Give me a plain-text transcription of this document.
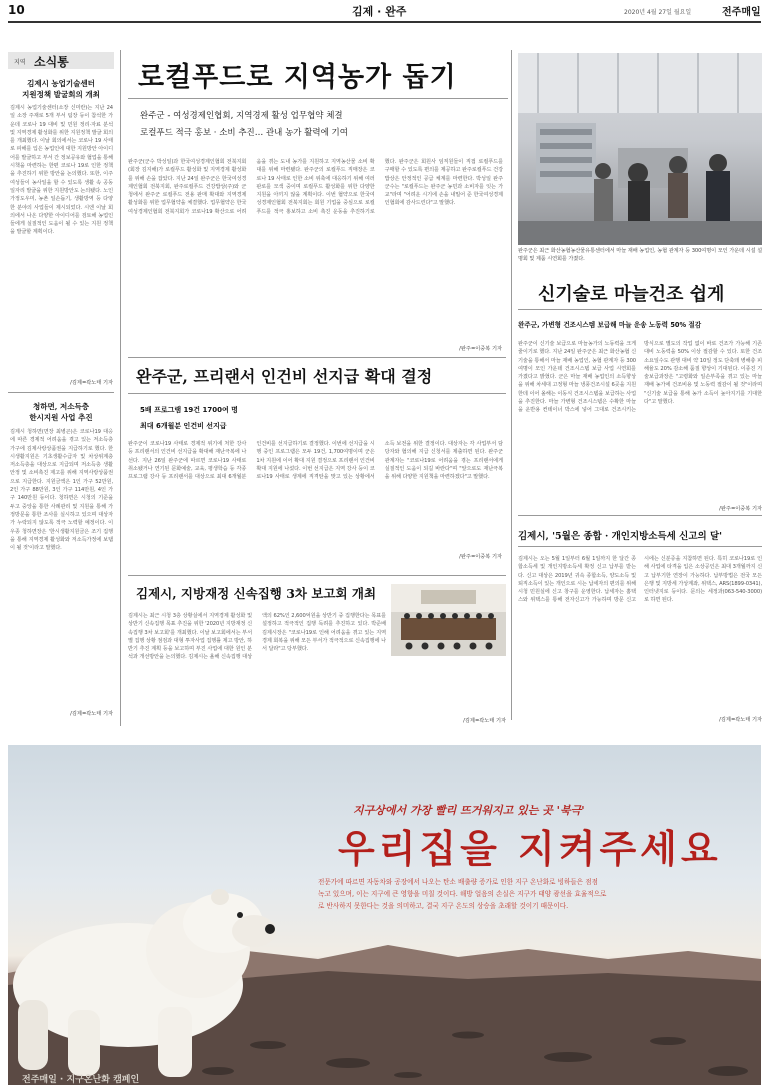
10	김제 · 완주	2020년 4월 27일 월요일	전주매일
지역 소식통
김제시 농업기술센터
지원정책 발굴회의 개최
김제시 농업기술센터(소장 신미란)는 지난 24일 소장 주재로 5개 부서 팀장 등이 참석한 가운데 코로나 19 대비 및 민원 정리·자료 분석 및 지역경제 활성화를 위한 지원정책 발굴 회의를 개최했다. 이날 회의에서는 코로나 19 사태로 피해를 입은 농업인에 대한 지원방안 아이디어를 발굴하고 부서 간 정보공유와 협업을 통해 시책을 마련하는 한편 코로나 19로 인한 정책을 추진하기 위한 방안을 논의했다. 또한, 이주 여성들이 농사일을 할 수 있도록 생활 속 공동 일자리 발굴을 위한 지원방안도 논의됐다. 노인 가정도우미, 농촌 일손돕기, 생활방역 등 다양한 분야의 사업들이 제시되었다. 시엔 이날 회의에서 나온 다양한 아이디어를 검토해 농업인들에게 실질적인 도움이 될 수 있는 지원 정책을 발굴할 계획이다.
/김제=곽노태 기자
청하면, 저소득층
한시지원 사업 추진
김제시 청하면(면장 최병곤)은 코로나19 대응에 따른 경제적 어려움을 겪고 있는 저소득층 가구에 김제사랑상품권을 지급하기로 했다. 한시생활지원은 기초생활수급자 및 차상위계층 저소득층을 대상으로 지급되며 저소득층 생활안정 및 소비촉진 제고를 위해 지역사랑상품권으로 지급한다. 지원금액은 1인 가구 52만원, 2인 가구 88만원, 3인 가구 114만원, 4인 가구 140만원 등이다. 청하면은 시청의 기준을 두고 중앙을 통한 사례관리 및 지원을 통해 가정방문을 통한 조사를 실시하고 있으며 대상자가 누락되지 않도록 적극 노력할 예정이다. 이우종 청하면장은 '한시생활지원금은 조기 집행을 통해 지역경제 활성화와 저소득가정에 보탬이 될 것'이라고 말했다.
/김제=곽노태 기자
로컬푸드로 지역농가 돕기
완주군 - 여성경제인협회, 지역경제 활성 업무협약 체결
로컬푸드 적극 홍보 · 소비 추진… 관내 농가 활력에 기여
완주군(군수 박성일)과 한국여성경제인협회 전북지회(회장 김지해)가 로컬푸드 활성화 및 지역경제 활성화를 위해 손을 잡았다. 지난 24일 완주군은 한국여성경제인협회 전북지회, 완주로컬푸드 건강밥상(주)와 군청에서 완주군 로컬푸드 전용 판매 확대와 지역경제 활성화를 위한 업무협약을 체결했다. 업무협약은 한국여성경제인협회 전북지회가 코로나19 확산으로 어려움을 겪는 도내 농가를 지원하고 지역농산물 소비 확대를 위해 마련됐다. 완주군의 로컬푸드 직매장은 코로나 19 사태로 인한 소비 위축에 대응하기 위해 여러 판로를 모색 중이며 로컬푸드 활성화를 위한 다양한 지원을 아끼지 않을 계획이다. 이번 협약으로 한국여성경제인협회 전북지회는 회원 기업을 중심으로 로컬푸드를 적극 홍보하고 소비 촉진 운동을 추진하기로 했다. 완주군은 회원사 임직원들이 직접 로컬푸드를 구매할 수 있도록 편의를 제공하고 완주로컬푸드 건강밥상은 안정적인 공급 체계를 마련한다. 박성일 완주군수는 "로컬푸드는 완주군 농민과 소비자를 잇는 가교"라며 "어려운 시기에 손을 내밀어 준 한국여성경제인협회에 감사드린다"고 말했다.
/완주=이중복 기자
완주군은 최근 화산농협농산물유통센터에서 마늘 재배 농업인, 농협 관계자 등 300여명이 모인 가운데 시설 설명회 및 제품 시연회를 가졌다.
신기술로 마늘건조 쉽게
완주군, 가변형 건조시스템 보급해 마늘 운송 노동력 50% 절감
완주군이 신기술 보급으로 마늘농가의 노동력을 크게 줄이기로 했다. 지난 24일 완주군은 최근 화산농협 신기술을 통해서 마늘 재배 농업인, 농협 관계자 등 300여명이 모인 가운데 건조시스템 보급 사업 시연회를 가졌다고 밝혔다. 군은 마늘 재배 농업인의 소득향상을 위해 차세대 고정형 마늘 냉풍건조시설 6곳을 지원한데 이어 올해는 이동식 건조시스템을 보급하는 사업을 추진한다. 마늘 가변형 건조시스템은 수확한 마늘을 운반용 컨테이너 박스에 넣어 그대로 건조시키는 방식으로 별도의 작업 없이 바로 건조가 가능해 기존 대비 노동력을 50% 이상 절감할 수 있다. 또한 건조 소요일수도 관행 대비 약 10일 정도 단축돼 병해충 피해율도 20% 감소해 품질 향상이 기대된다. 이종진 기술보급과장은 "고령화와 일손부족을 겪고 있는 마늘 재배 농가에 건조비용 및 노동력 절감이 될 것"이라며 "신기술 보급을 통해 농가 소득이 높아지기를 기대한다"고 말했다.
/완주=이중복 기자
완주군, 프리랜서 인건비 선지급 확대 결정
5배 프로그램 19건 1700여 명
최대 6개월분 인건비 선지급
완주군이 코로나19 사태로 경제적 위기에 처한 강사 등 프리랜서의 인건비 선지급을 확대해 재난극복에 나선다. 지난 26일 완주군에 따르면 코로나19 사태로 취소됐거나 연기된 문화예술, 교육, 평생학습 등 각종 프로그램 강사 등 프리랜서를 대상으로 최대 6개월분 인건비를 선지급하기로 결정했다. 이번에 선지급을 시행 중인 프로그램은 모두 19건, 1,700여명이며 군은 1차 지원에 이어 확대 지원 결정으로 프리랜서 인건비 확대 지원에 나섰다. 이번 선지급은 지역 강사 등이 코로나19 사태로 생계에 직격탄을 맞고 있는 상황에서 소득 보전을 위한 결정이다. 대상자는 각 사업부서 담당자와 협의해 지급 신청서를 제출하면 된다. 완주군 관계자는 "코로나19로 어려움을 겪는 프리랜서에게 실질적인 도움이 되길 바란다"며 "앞으로도 재난극복을 위해 다양한 지원책을 마련하겠다"고 말했다.
/완주=이중복 기자
김제시, 지방재정 신속집행 3차 보고회 개최
김제시는 최근 시청 3층 상황실에서 지역경제 활성화 및 상반기 신속집행 목표 추진을 위한 '2020년 지방재정 신속집행 3차 보고회'를 개최했다. 이날 보고회에서는 부서별 집행 상황 점검과 대형 투자사업 집행률 제고 방안, 하반기 추진 계획 등을 보고하며 부진 사업에 대한 원인 분석과 개선방안을 논의했다. 김제시는 올해 신속집행 대상액의 62%인 2,600억원을 상반기 중 집행한다는 목표를 설정하고 적극적인 집행 독려를 추진하고 있다. 박준배 김제시장은 "코로나19로 인해 어려움을 겪고 있는 지역 경제 회복을 위해 모든 부서가 적극적으로 신속집행에 나서 달라"고 당부했다.
/김제=곽노태 기자
김제시, '5월은 종합 · 개인지방소득세 신고의 달'
김제시는 오는 5월 1일부터 6월 1일까지 한 달간 종합소득세 및 개인지방소득세 확정 신고 납부를 받는다. 신고 대상은 2019년 귀속 종합소득, 양도소득 및 퇴직소득이 있는 개인으로 시는 납세자의 편의를 위해 시청 민원실에 신고 창구를 운영한다. 납세자는 홈택스와 위택스를 통해 전자신고가 가능하며 방문 신고 시에는 신분증을 지참하면 된다. 특히 코로나19로 인해 사업에 타격을 입은 소상공인은 최대 3개월까지 신고 납부기한 연장이 가능하다. 납부방법은 전국 모든 은행 및 지방세 가상계좌, 위택스, ARS(1899-0341), 인터넷지로 등이다. 문의는 세정과(063-540-3000)로 하면 된다.
/김제=곽노태 기자
지구상에서 가장 빨리 뜨거워지고 있는 곳 '북극'
우리집을 지켜주세요
전문가에 따르면 자동차와 공장에서 나오는 탄소 배출량 증가로 인한 지구 온난화로 빙하들은 점점
녹고 있으며, 이는 지구에 큰 영향을 미칠 것이다. 해방 얼음의 손실은 지구가 태양 광선을 효율적으로
로 반사하지 못한다는 것을 의미하고, 결국 지구 온도의 상승을 초래할 것이기 때문이다.
전주매일 · 지구온난화 캠페인
